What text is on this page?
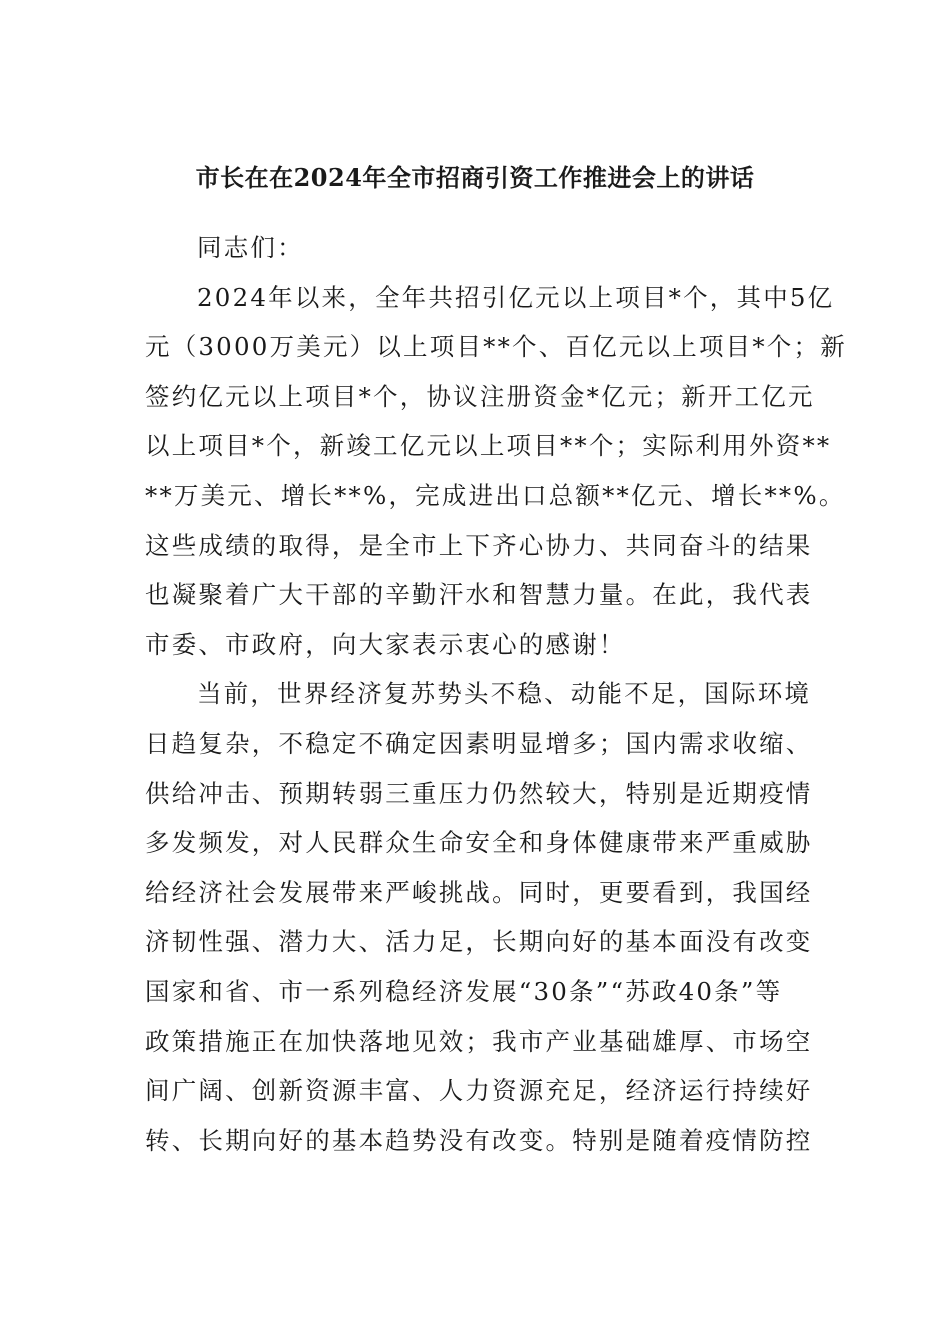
市长在在2024年全市招商引资工作推进会上的讲话

同志们：

2024年以来，全年共招引亿元以上项目*个，其中5亿
元（3000万美元）以上项目**个、百亿元以上项目*个；新
签约亿元以上项目*个，协议注册资金*亿元；新开工亿元
以上项目*个，新竣工亿元以上项目**个；实际利用外资**
**万美元、增长**%，完成进出口总额**亿元、增长**%。
这些成绩的取得，是全市上下齐心协力、共同奋斗的结果
也凝聚着广大干部的辛勤汗水和智慧力量。在此，我代表
市委、市政府，向大家表示衷心的感谢！

当前，世界经济复苏势头不稳、动能不足，国际环境
日趋复杂，不稳定不确定因素明显增多；国内需求收缩、
供给冲击、预期转弱三重压力仍然较大，特别是近期疫情
多发频发，对人民群众生命安全和身体健康带来严重威胁
给经济社会发展带来严峻挑战。同时，更要看到，我国经
济韧性强、潜力大、活力足，长期向好的基本面没有改变
国家和省、市一系列稳经济发展“30条”“苏政40条”等
政策措施正在加快落地见效；我市产业基础雄厚、市场空
间广阔、创新资源丰富、人力资源充足，经济运行持续好
转、长期向好的基本趋势没有改变。特别是随着疫情防控
